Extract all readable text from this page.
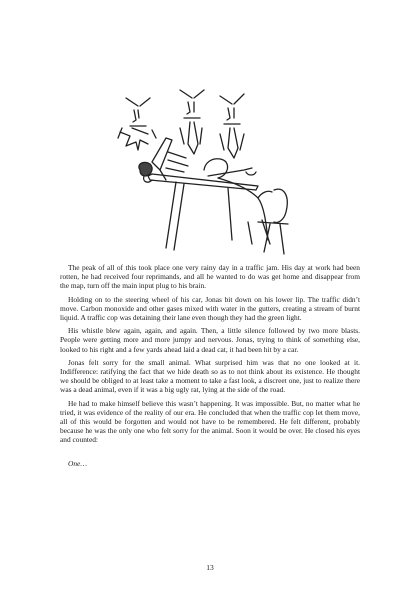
The peak of all of this took place one very rainy day in a traffic jam. His day at work had been rotten, he had received four reprimands, and all he wanted to do was get home and disappear from the map, turn off the main input plug to his brain.

Holding on to the steering wheel of his car, Jonas bit down on his lower lip. The traffic didn’t move. Carbon monoxide and other gases mixed with water in the gutters, creating a stream of burnt liquid. A traffic cop was detaining their lane even though they had the green light.

His whistle blew again, again, and again. Then, a little silence followed by two more blasts. People were getting more and more jumpy and nervous. Jonas, trying to think of something else, looked to his right and a few yards ahead laid a dead cat, it had been hit by a car.

Jonas felt sorry for the small animal. What surprised him was that no one looked at it. Indifference: ratifying the fact that we hide death so as to not think about its existence. He thought we should be obliged to at least take a moment to take a fast look, a discreet one, just to realize there was a dead animal, even if it was a big ugly rat, lying at the side of the road.

He had to make himself believe this wasn’t happening. It was impossible. But, no matter what he tried, it was evidence of the reality of our era. He concluded that when the traffic cop let them move, all of this would be forgotten and would not have to be remembered. He felt different, probably because he was the only one who felt sorry for the animal. Soon it would be over. He closed his eyes and counted:

One…

13
